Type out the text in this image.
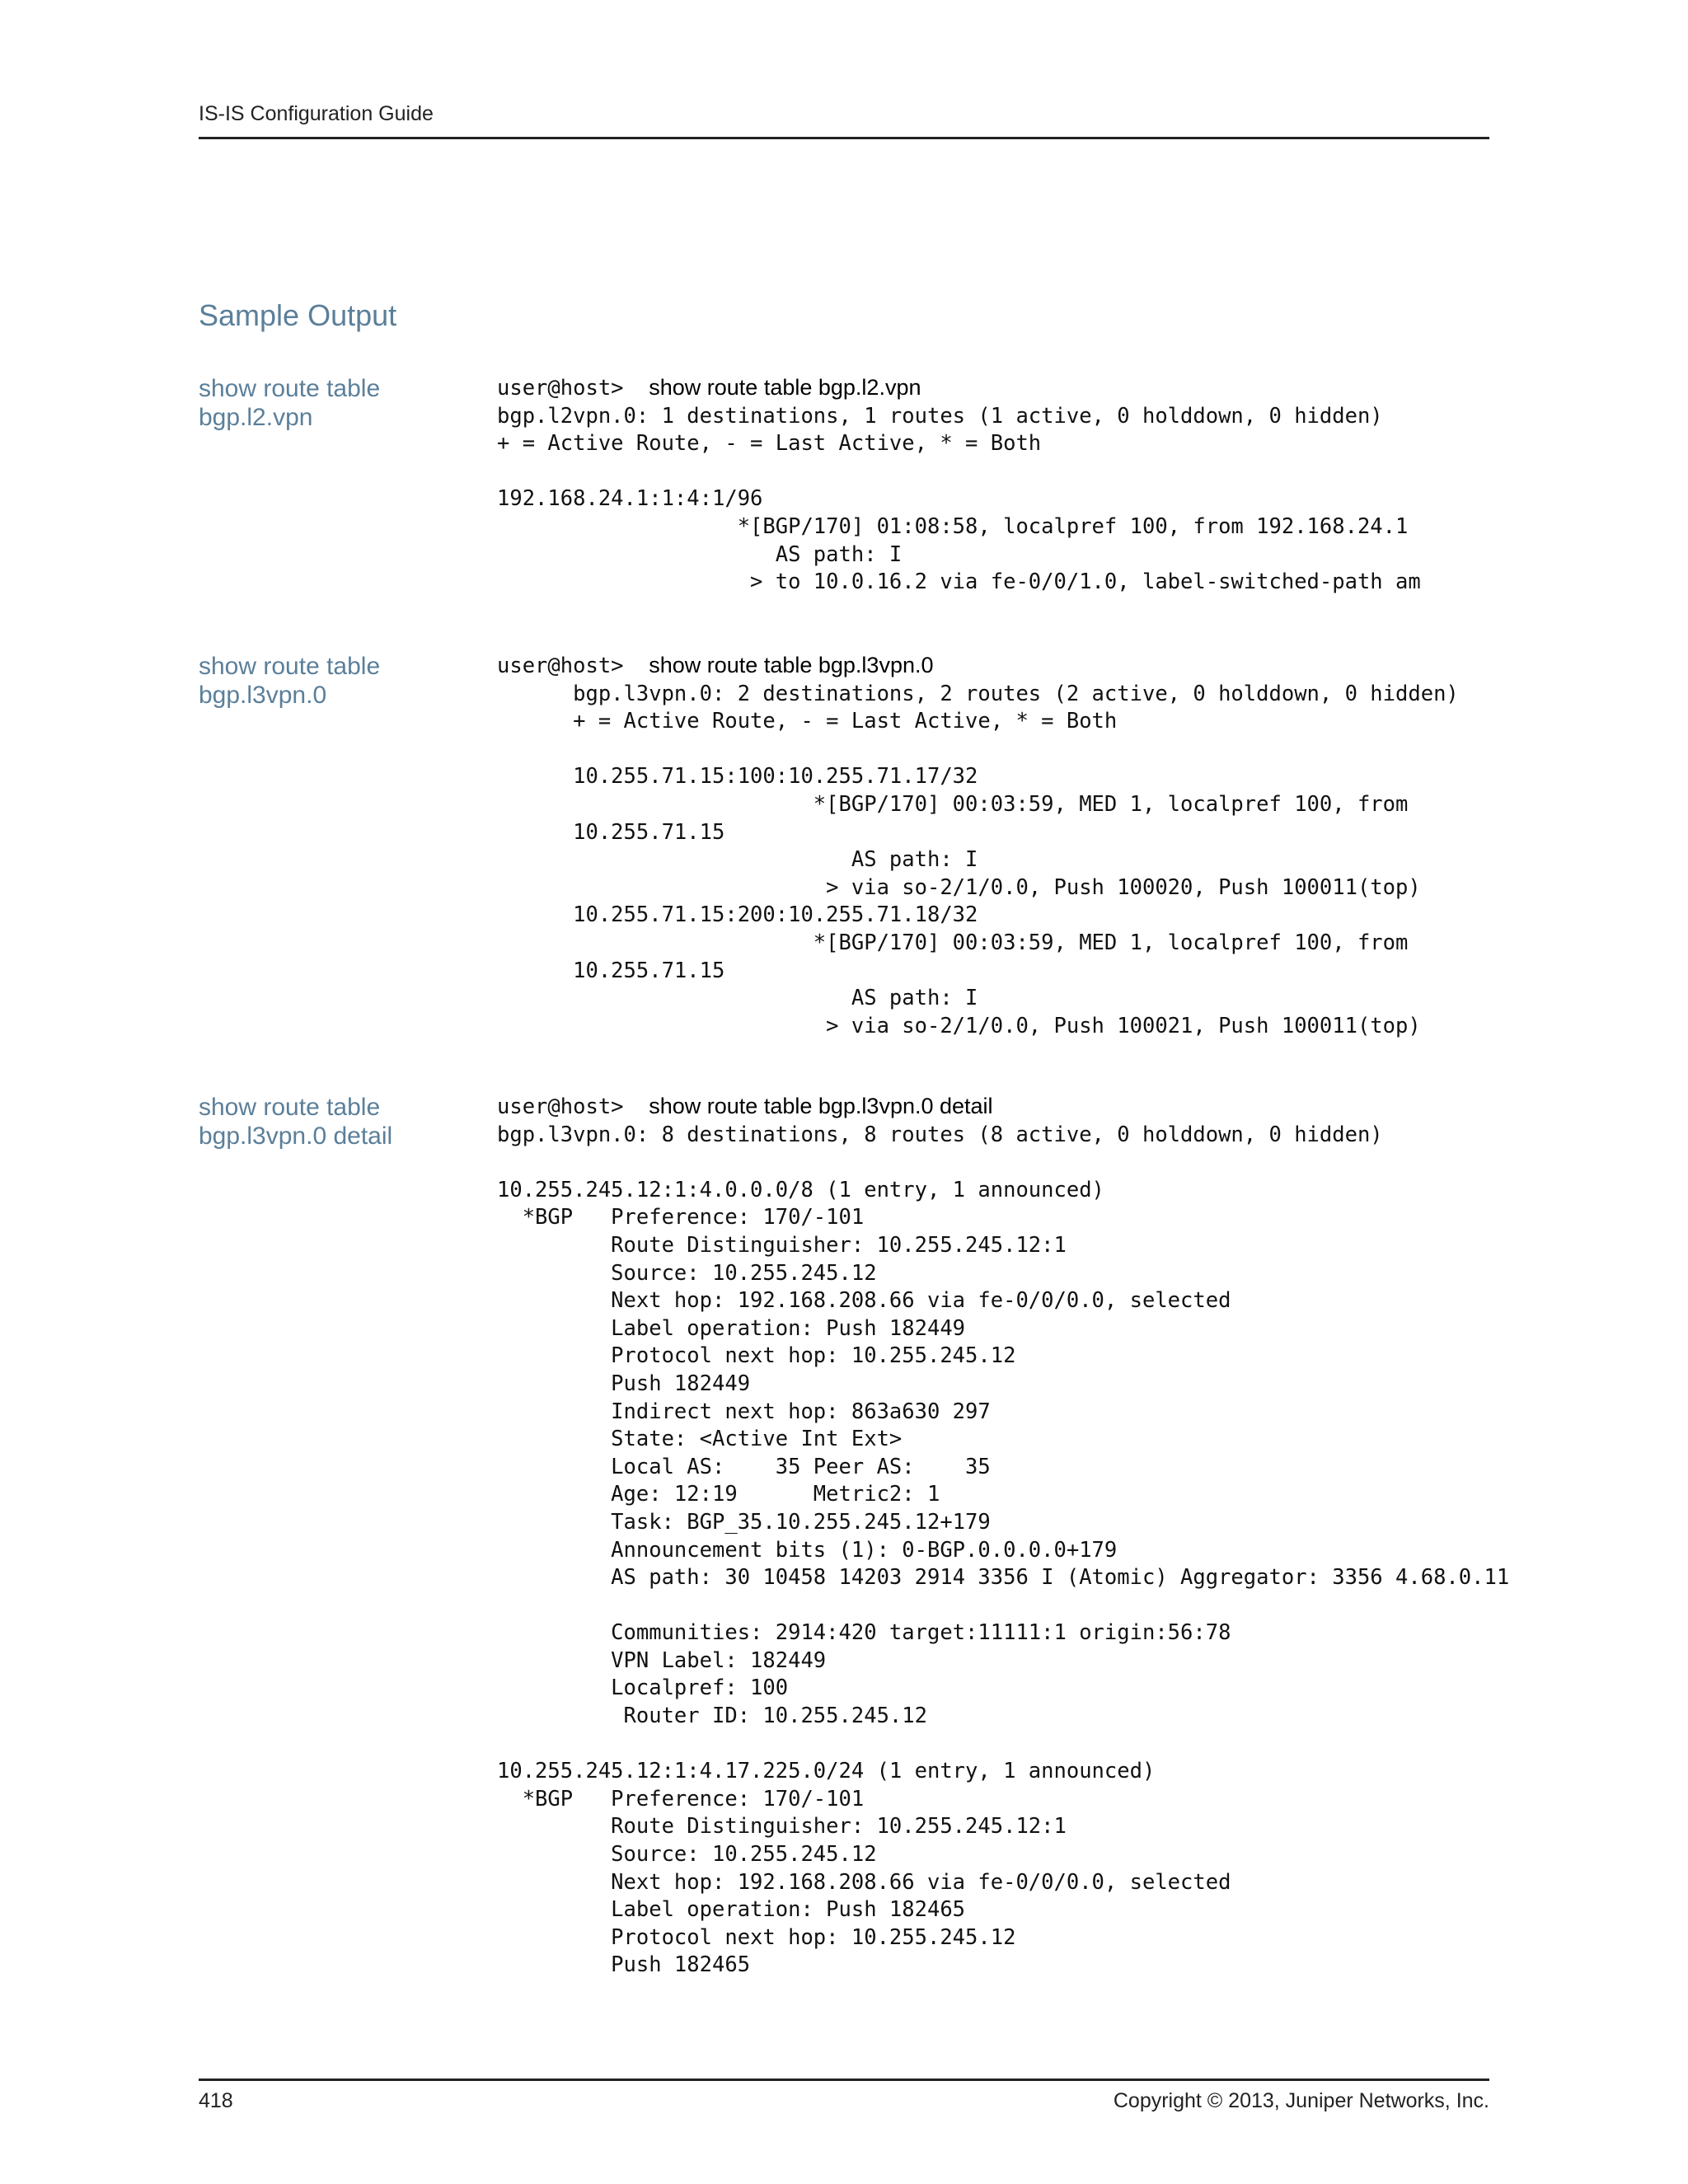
IS-IS Configuration Guide
Sample Output
show route table
bgp.l2.vpn
user@host> show route table bgp.l2.vpn
bgp.l2vpn.0: 1 destinations, 1 routes (1 active, 0 holddown, 0 hidden)
+ = Active Route, - = Last Active, * = Both

192.168.24.1:1:4:1/96
*[BGP/170] 01:08:58, localpref 100, from 192.168.24.1
AS path: I
> to 10.0.16.2 via fe-0/0/1.0, label-switched-path am
show route table
bgp.l3vpn.0
user@host> show route table bgp.l3vpn.0
bgp.l3vpn.0: 2 destinations, 2 routes (2 active, 0 holddown, 0 hidden)
+ = Active Route, - = Last Active, * = Both

10.255.71.15:100:10.255.71.17/32
*[BGP/170] 00:03:59, MED 1, localpref 100, from
10.255.71.15
AS path: I
> via so-2/1/0.0, Push 100020, Push 100011(top)
10.255.71.15:200:10.255.71.18/32
*[BGP/170] 00:03:59, MED 1, localpref 100, from
10.255.71.15
AS path: I
> via so-2/1/0.0, Push 100021, Push 100011(top)
show route table
bgp.l3vpn.0 detail
user@host> show route table bgp.l3vpn.0 detail
bgp.l3vpn.0: 8 destinations, 8 routes (8 active, 0 holddown, 0 hidden)

10.255.245.12:1:4.0.0.0/8 (1 entry, 1 announced)
*BGP   Preference: 170/-101
Route Distinguisher: 10.255.245.12:1
Source: 10.255.245.12
Next hop: 192.168.208.66 via fe-0/0/0.0, selected
Label operation: Push 182449
Protocol next hop: 10.255.245.12
Push 182449
Indirect next hop: 863a630 297
State: <Active Int Ext>
Local AS:    35 Peer AS:    35
Age: 12:19      Metric2: 1
Task: BGP_35.10.255.245.12+179
Announcement bits (1): 0-BGP.0.0.0.0+179
AS path: 30 10458 14203 2914 3356 I (Atomic) Aggregator: 3356 4.68.0.11

Communities: 2914:420 target:11111:1 origin:56:78
VPN Label: 182449
Localpref: 100
Router ID: 10.255.245.12

10.255.245.12:1:4.17.225.0/24 (1 entry, 1 announced)
*BGP   Preference: 170/-101
Route Distinguisher: 10.255.245.12:1
Source: 10.255.245.12
Next hop: 192.168.208.66 via fe-0/0/0.0, selected
Label operation: Push 182465
Protocol next hop: 10.255.245.12
Push 182465
418	Copyright © 2013, Juniper Networks, Inc.
